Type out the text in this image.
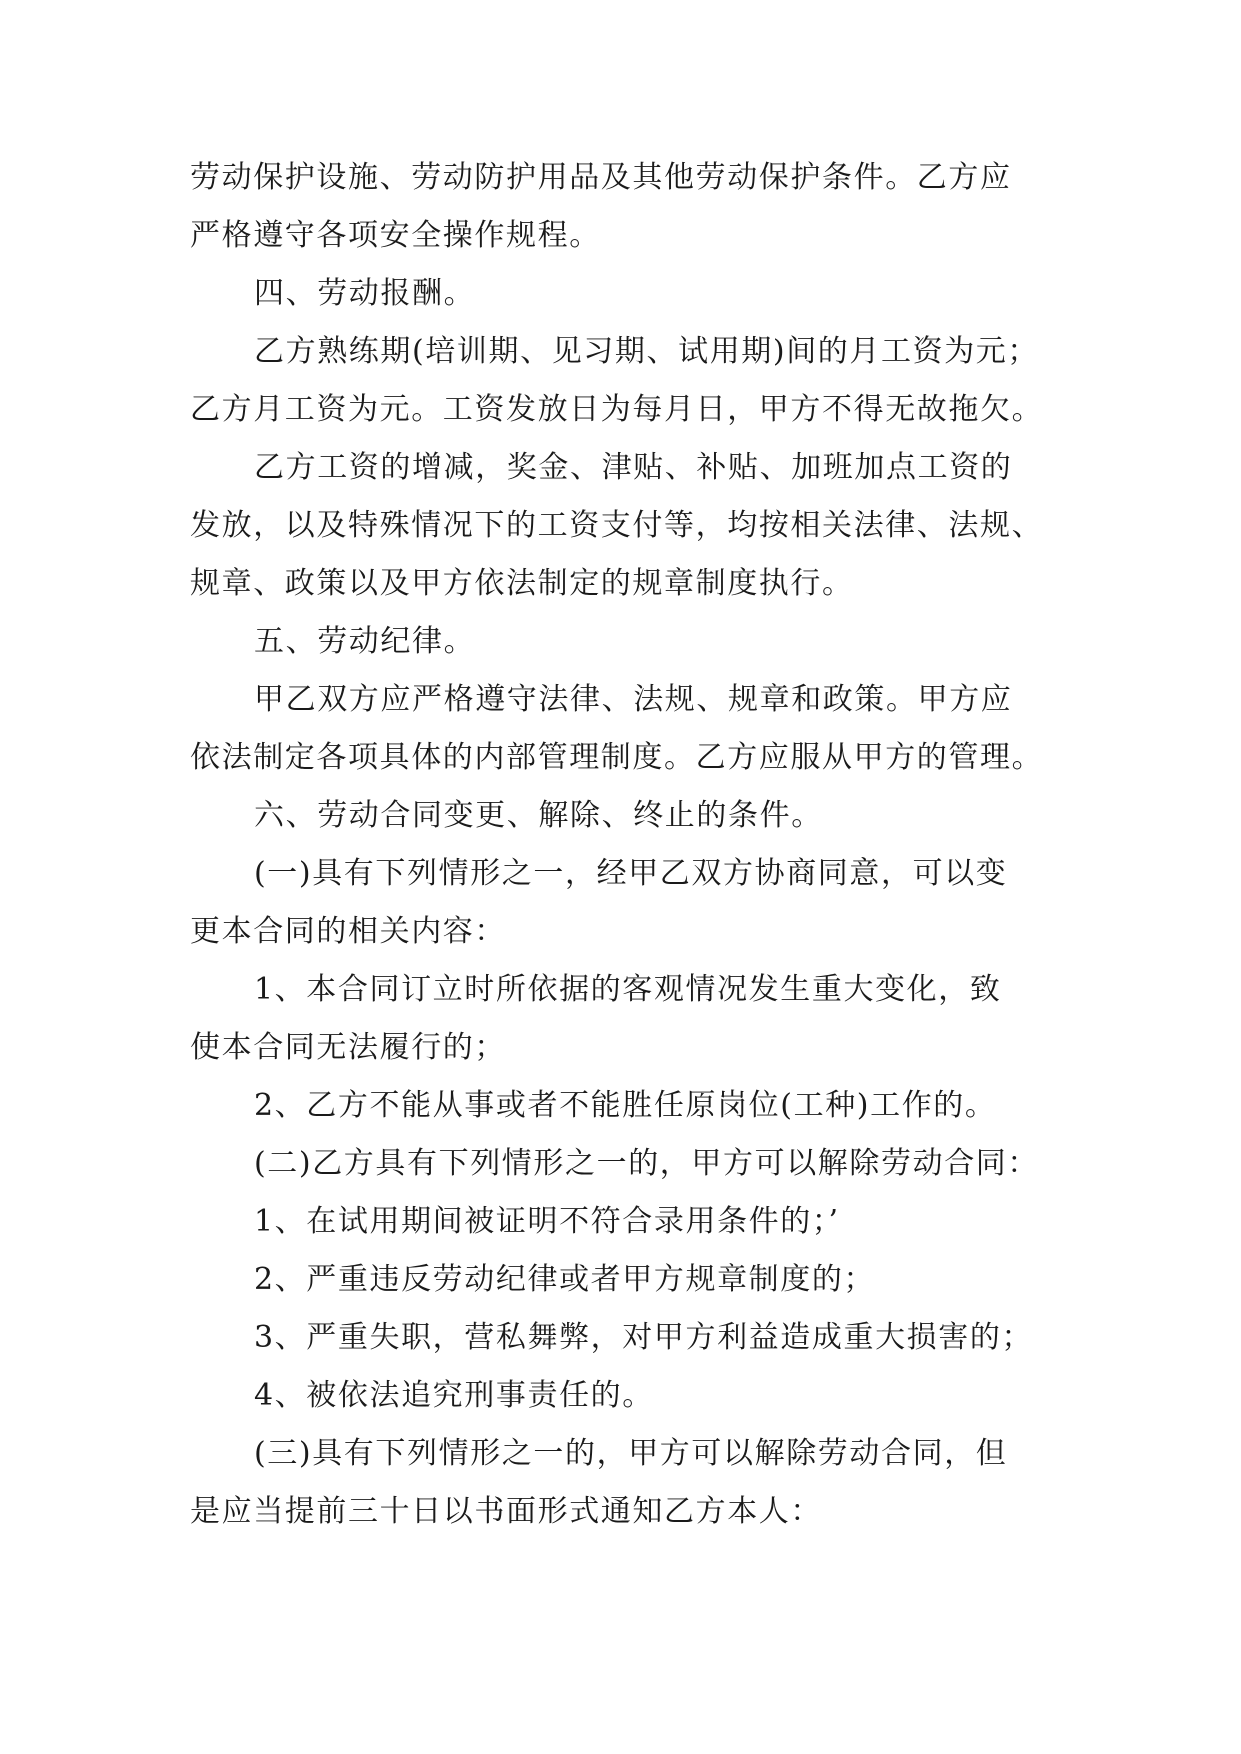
劳动保护设施、劳动防护用品及其他劳动保护条件。乙方应
严格遵守各项安全操作规程。
四、劳动报酬。
乙方熟练期(培训期、见习期、试用期)间的月工资为元；
乙方月工资为元。工资发放日为每月日，甲方不得无故拖欠。
乙方工资的增减，奖金、津贴、补贴、加班加点工资的
发放，以及特殊情况下的工资支付等，均按相关法律、法规、
规章、政策以及甲方依法制定的规章制度执行。
五、劳动纪律。
甲乙双方应严格遵守法律、法规、规章和政策。甲方应
依法制定各项具体的内部管理制度。乙方应服从甲方的管理。
六、劳动合同变更、解除、终止的条件。
(一)具有下列情形之一，经甲乙双方协商同意，可以变
更本合同的相关内容：
1、本合同订立时所依据的客观情况发生重大变化，致
使本合同无法履行的；
2、乙方不能从事或者不能胜任原岗位(工种)工作的。
(二)乙方具有下列情形之一的，甲方可以解除劳动合同：
1、在试用期间被证明不符合录用条件的；’
2、严重违反劳动纪律或者甲方规章制度的；
3、严重失职，营私舞弊，对甲方利益造成重大损害的；
4、被依法追究刑事责任的。
(三)具有下列情形之一的，甲方可以解除劳动合同，但
是应当提前三十日以书面形式通知乙方本人：
